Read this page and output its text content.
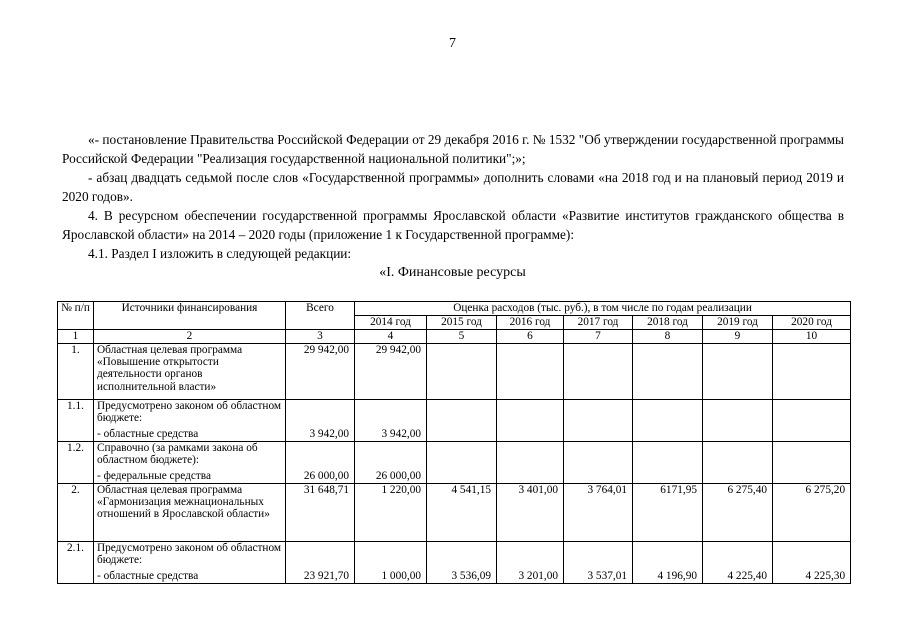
7

«- постановление Правительства Российской Федерации от 29 декабря 2016 г. № 1532 "Об утверждении государственной программы Российской Федерации "Реализация государственной национальной политики";»;

- абзац двадцать седьмой после слов «Государственной программы» дополнить словами «на 2018 год и на плановый период 2019 и 2020 годов».

4. В ресурсном обеспечении государственной программы Ярославской области «Развитие институтов гражданского общества в Ярославской области» на 2014 – 2020 годы (приложение 1 к Государственной программе):

4.1. Раздел I изложить в следующей редакции:

«I. Финансовые ресурсы
№ п/п	Источники финансирования	Всего	Оценка расходов (тыс. руб.), в том числе по годам реализации							
			2014 год	2015 год	2016 год	2017 год	2018 год	2019 год	2020 год	
1	2	3	4	5	6	7	8	9	10	
1.	Областная целевая программа «Повышение открытости деятельности органов исполнительной власти»	29 942,00	29 942,00							
1.1.	Предусмотрено законом об областном бюджете:									
	- областные средства	3 942,00	3 942,00							
1.2.	Справочно (за рамками закона об областном бюджете):									
	- федеральные средства	26 000,00	26 000,00							
2.	Областная целевая программа «Гармонизация межнациональных отношений в Ярославской области»	31 648,71	1 220,00	4 541,15	3 401,00	3 764,01	6171,95	6 275,40	6 275,20	
2.1.	Предусмотрено законом об областном бюджете:									
	- областные средства	23 921,70	1 000,00	3 536,09	3 201,00	3 537,01	4 196,90	4 225,40	4 225,30	
